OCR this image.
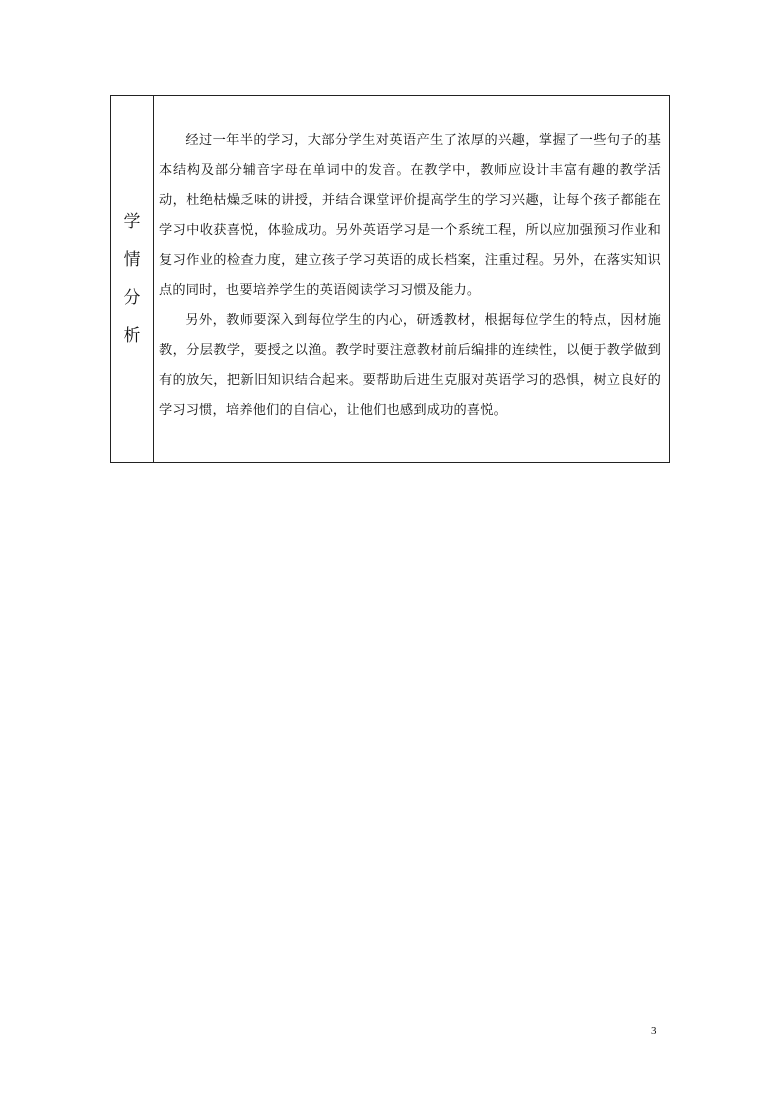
学
情
分
析

经过一年半的学习，大部分学生对英语产生了浓厚的兴趣，掌握了一些句子的基本结构及部分辅音字母在单词中的发音。在教学中，教师应设计丰富有趣的教学活动，杜绝枯燥乏味的讲授，并结合课堂评价提高学生的学习兴趣，让每个孩子都能在学习中收获喜悦，体验成功。另外英语学习是一个系统工程，所以应加强预习作业和复习作业的检查力度，建立孩子学习英语的成长档案，注重过程。另外，在落实知识点的同时，也要培养学生的英语阅读学习习惯及能力。

另外，教师要深入到每位学生的内心，研透教材，根据每位学生的特点，因材施教，分层教学，要授之以渔。教学时要注意教材前后编排的连续性，以便于教学做到有的放矢，把新旧知识结合起来。要帮助后进生克服对英语学习的恐惧，树立良好的学习习惯，培养他们的自信心，让他们也感到成功的喜悦。

3
